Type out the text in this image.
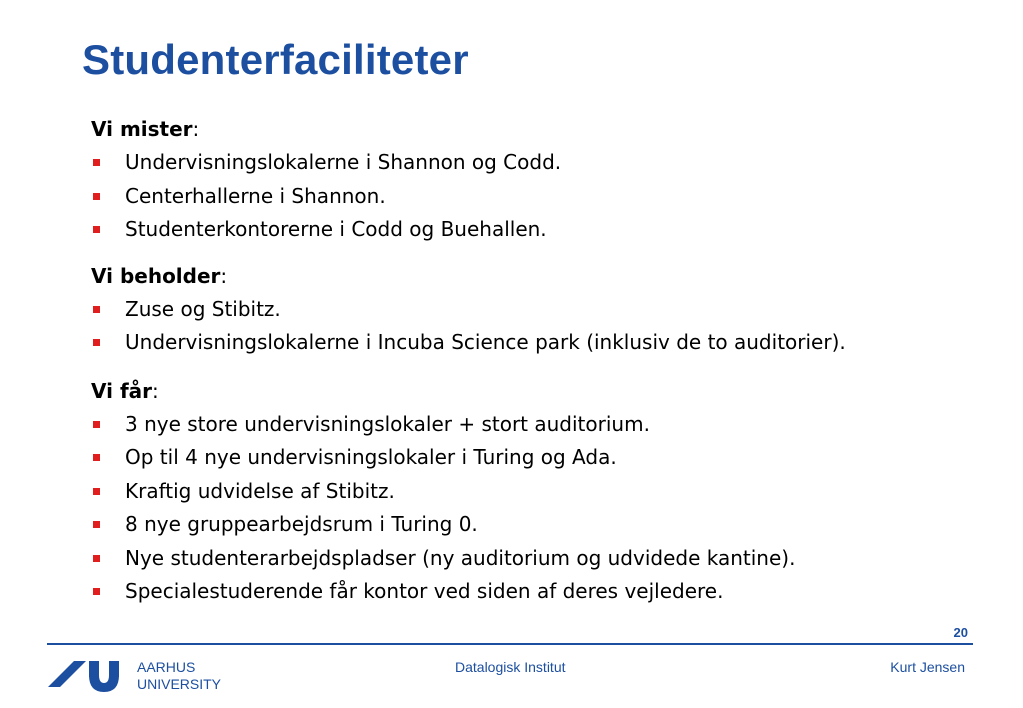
Studenterfaciliteter
Vi mister:
Undervisningslokalerne i Shannon og Codd.
Centerhallerne i Shannon.
Studenterkontorerne i Codd og Buehallen.
Vi beholder:
Zuse og Stibitz.
Undervisningslokalerne i Incuba Science park (inklusiv de to auditorier).
Vi får:
3 nye store undervisningslokaler + stort auditorium.
Op til 4 nye undervisningslokaler i Turing og Ada.
Kraftig udvidelse af Stibitz.
8 nye gruppearbejdsrum i Turing 0.
Nye studenterarbejdspladser (ny auditorium og udvidede kantine).
Specialestuderende får kontor ved siden af deres vejledere.
20
AARHUS
UNIVERSITY
Datalogisk Institut	Kurt Jensen
